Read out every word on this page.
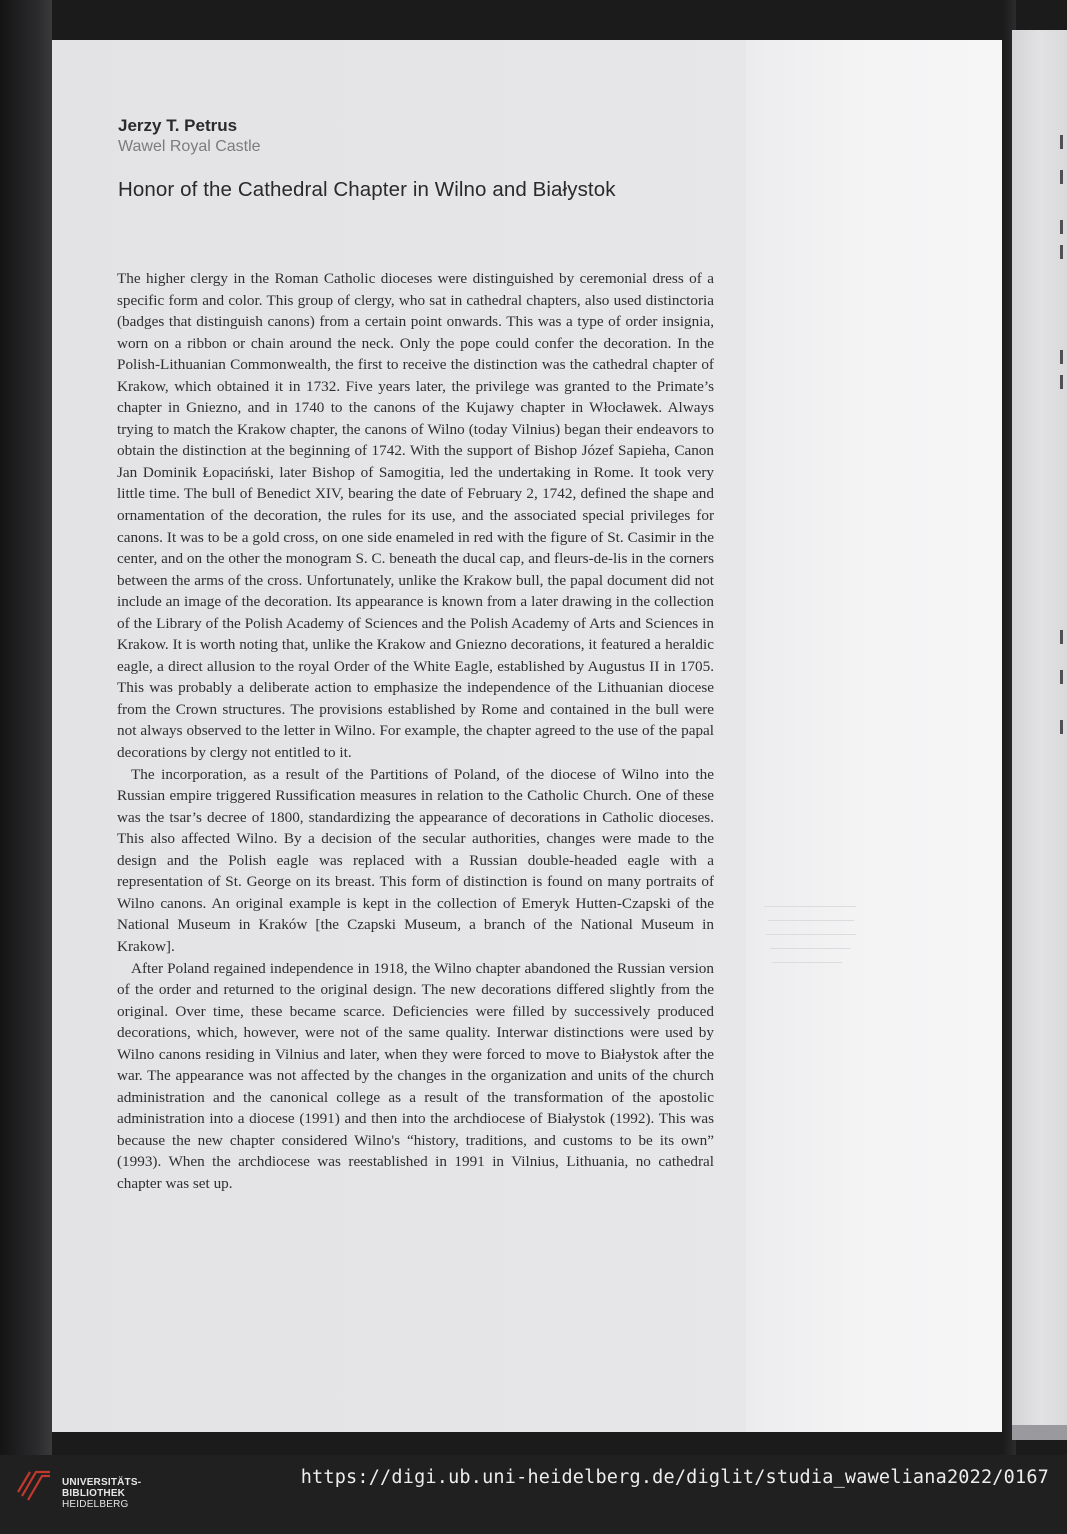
Jerzy T. Petrus
Wawel Royal Castle
Honor of the Cathedral Chapter in Wilno and Białystok

The higher clergy in the Roman Catholic dioceses were distinguished by ceremonial dress of a specific form and color. This group of clergy, who sat in cathedral chapters, also used distinctoria (badges that distinguish canons) from a certain point onwards. This was a type of order insignia, worn on a ribbon or chain around the neck. Only the pope could confer the decoration. In the Polish-Lithuanian Commonwealth, the first to receive the distinction was the cathedral chapter of Krakow, which obtained it in 1732. Five years later, the privilege was granted to the Primate’s chapter in Gniezno, and in 1740 to the canons of the Kujawy chapter in Włocławek. Always trying to match the Krakow chapter, the canons of Wilno (today Vilnius) began their endeavors to obtain the distinction at the beginning of 1742. With the support of Bishop Józef Sapieha, Canon Jan Dominik Łopaciński, later Bishop of Samogitia, led the undertaking in Rome. It took very little time. The bull of Benedict XIV, bearing the date of February 2, 1742, defined the shape and ornamentation of the decoration, the rules for its use, and the associated special privileges for canons. It was to be a gold cross, on one side enameled in red with the figure of St. Casimir in the center, and on the other the monogram S. C. beneath the ducal cap, and fleurs-de-lis in the corners between the arms of the cross. Unfortunately, unlike the Krakow bull, the papal document did not include an image of the decoration. Its appearance is known from a later drawing in the collection of the Library of the Polish Academy of Sciences and the Polish Academy of Arts and Sciences in Krakow. It is worth noting that, unlike the Krakow and Gniezno decorations, it featured a heraldic eagle, a direct allusion to the royal Order of the White Eagle, established by Augustus II in 1705. This was probably a deliberate action to emphasize the independence of the Lithuanian diocese from the Crown structures. The provisions established by Rome and contained in the bull were not always observed to the letter in Wilno. For example, the chapter agreed to the use of the papal decorations by clergy not entitled to it.

The incorporation, as a result of the Partitions of Poland, of the diocese of Wilno into the Russian empire triggered Russification measures in relation to the Catholic Church. One of these was the tsar’s decree of 1800, standardizing the appearance of decorations in Catholic dioceses. This also affected Wilno. By a decision of the secular authorities, changes were made to the design and the Polish eagle was replaced with a Russian double-headed eagle with a representation of St. George on its breast. This form of distinction is found on many portraits of Wilno canons. An original example is kept in the collection of Emeryk Hutten-Czapski of the National Museum in Kraków [the Czapski Museum, a branch of the National Museum in Krakow].

After Poland regained independence in 1918, the Wilno chapter abandoned the Russian version of the order and returned to the original design. The new decorations differed slightly from the original. Over time, these became scarce. Deficiencies were filled by successively produced decorations, which, however, were not of the same quality. Interwar distinctions were used by Wilno canons residing in Vilnius and later, when they were forced to move to Białystok after the war. The appearance was not affected by the changes in the organization and units of the church administration and the canonical college as a result of the transformation of the apostolic administration into a diocese (1991) and then into the archdiocese of Białystok (1992). This was because the new chapter considered Wilno's “history, traditions, and customs to be its own” (1993). When the archdiocese was reestablished in 1991 in Vilnius, Lithuania, no cathedral chapter was set up.

UNIVERSITÄTS-
BIBLIOTHEK
HEIDELBERG
https://digi.ub.uni-heidelberg.de/diglit/studia_waweliana2022/0167
